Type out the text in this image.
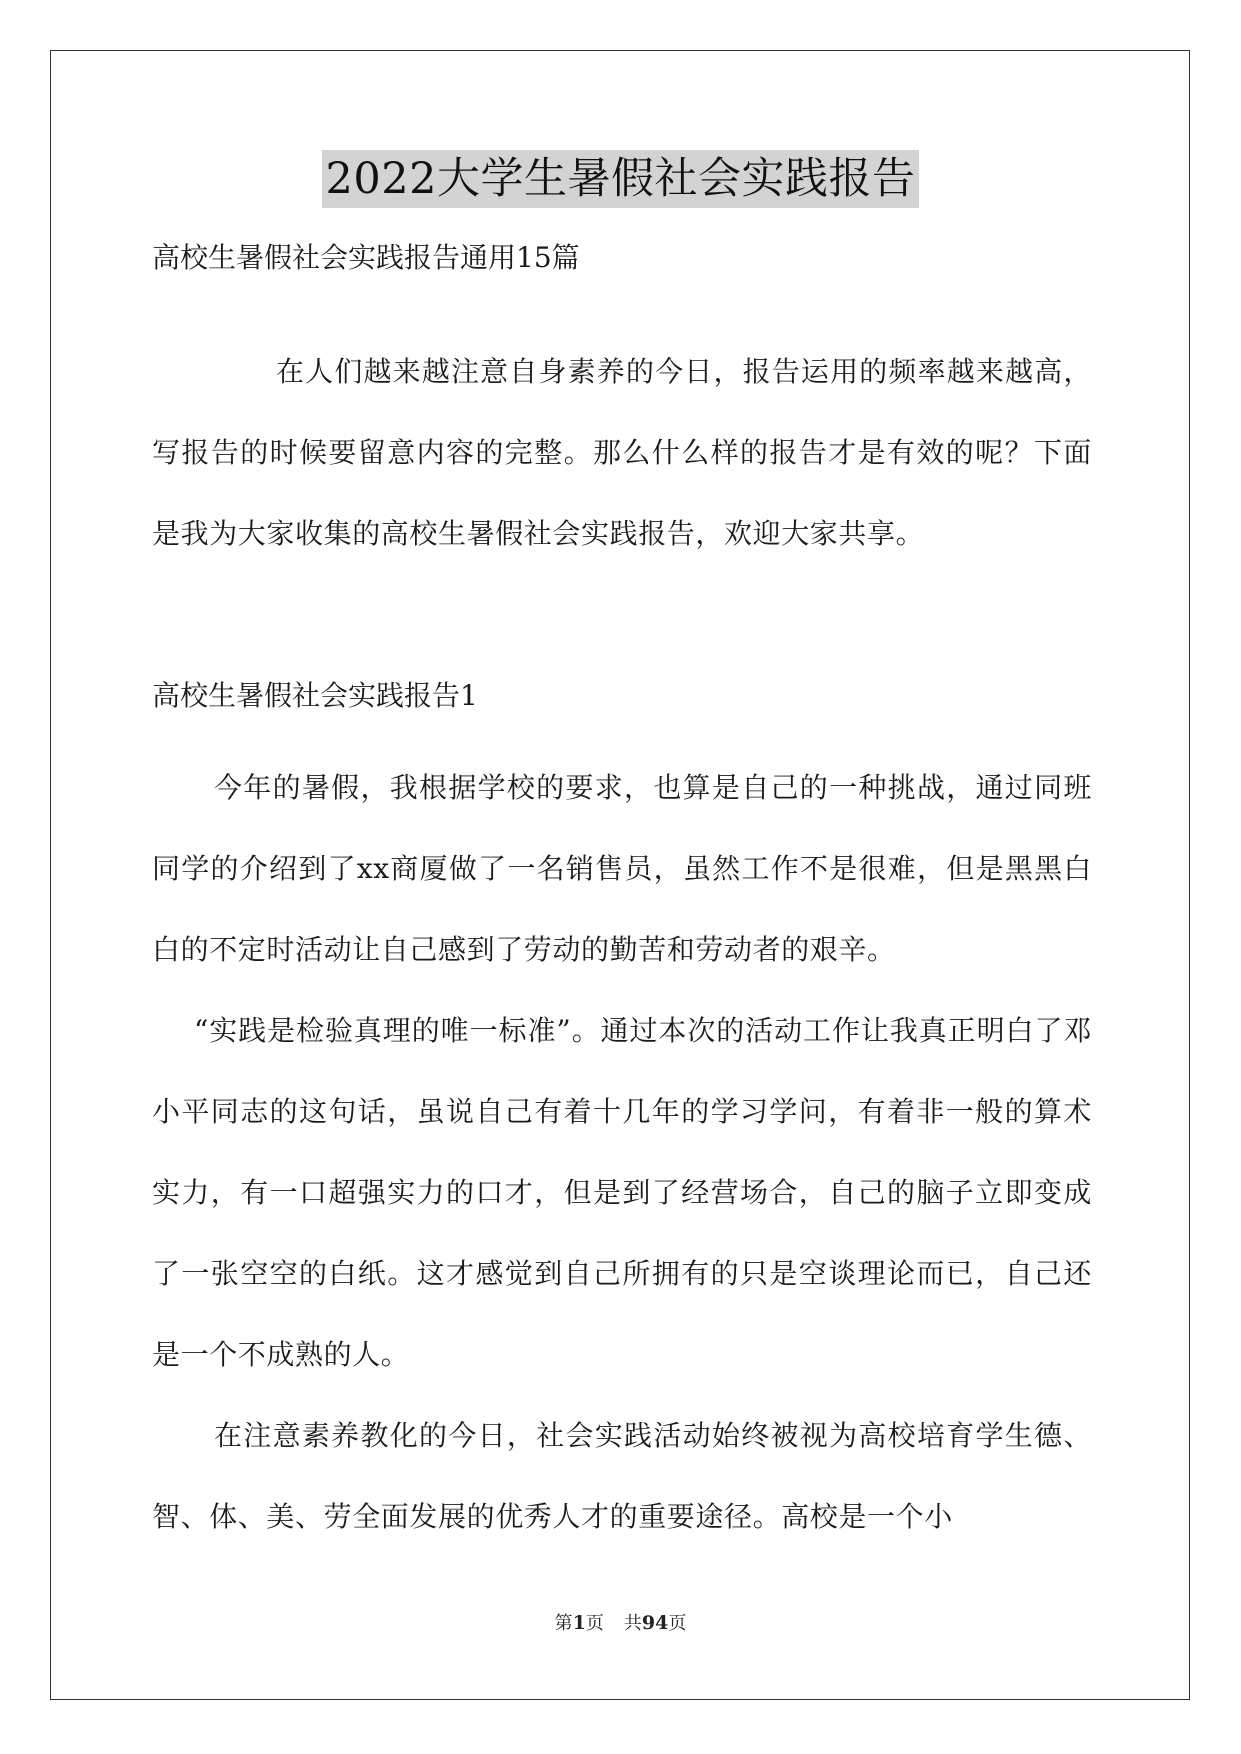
2022大学生暑假社会实践报告
高校生暑假社会实践报告通用15篇

在人们越来越注意自身素养的今日，报告运用的频率越来越高，写报告的时候要留意内容的完整。那么什么样的报告才是有效的呢？下面是我为大家收集的高校生暑假社会实践报告，欢迎大家共享。

高校生暑假社会实践报告1

今年的暑假，我根据学校的要求，也算是自己的一种挑战，通过同班同学的介绍到了xx商厦做了一名销售员，虽然工作不是很难，但是黑黑白白的不定时活动让自己感到了劳动的勤苦和劳动者的艰辛。

“实践是检验真理的唯一标准”。通过本次的活动工作让我真正明白了邓小平同志的这句话，虽说自己有着十几年的学习学问，有着非一般的算术实力，有一口超强实力的口才，但是到了经营场合，自己的脑子立即变成了一张空空的白纸。这才感觉到自己所拥有的只是空谈理论而已，自己还是一个不成熟的人。

在注意素养教化的今日，社会实践活动始终被视为高校培育学生德、智、体、美、劳全面发展的优秀人才的重要途径。高校是一个小

第1页 共94页
